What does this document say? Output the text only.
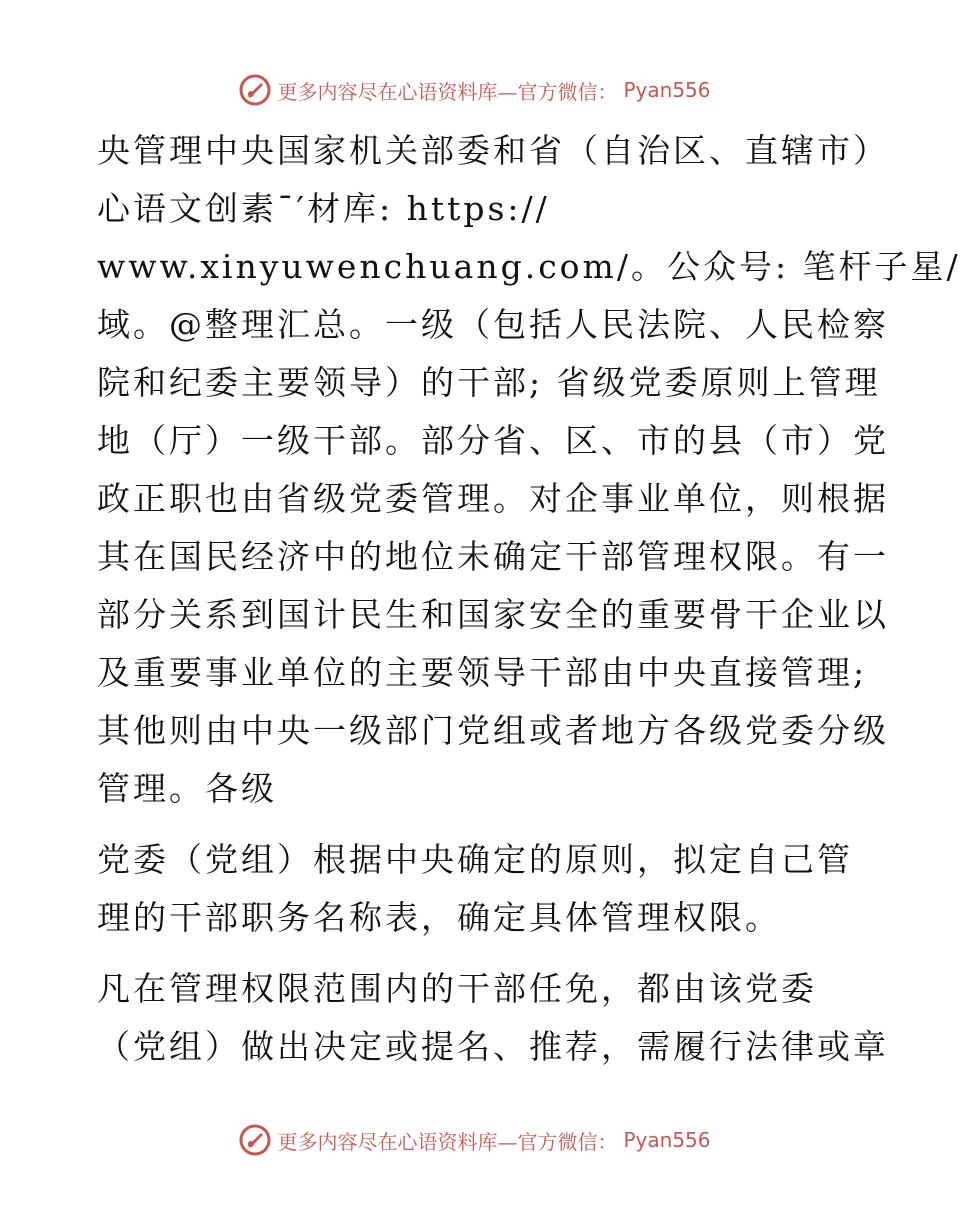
更多内容尽在心语资料库—官方微信： Pyan556
央管理中央国家机关部委和省（自治区、直辖市）
心语文创素¯′材库: https://
www.xinyuwenchuang.com/。公众号: 笔杆子星/
域。@整理汇总。一级（包括人民法院、人民检察
院和纪委主要领导）的干部; 省级党委原则上管理
地（厅）一级干部。部分省、区、市的县（市）党
政正职也由省级党委管理。对企事业单位，则根据
其在国民经济中的地位未确定干部管理权限。有一
部分关系到国计民生和国家安全的重要骨干企业以
及重要事业单位的主要领导干部由中央直接管理;
其他则由中央一级部门党组或者地方各级党委分级
管理。各级
党委（党组）根据中央确定的原则，拟定自己管
理的干部职务名称表，确定具体管理权限。
凡在管理权限范围内的干部任免，都由该党委
（党组）做出决定或提名、推荐，需履行法律或章
更多内容尽在心语资料库—官方微信： Pyan556
